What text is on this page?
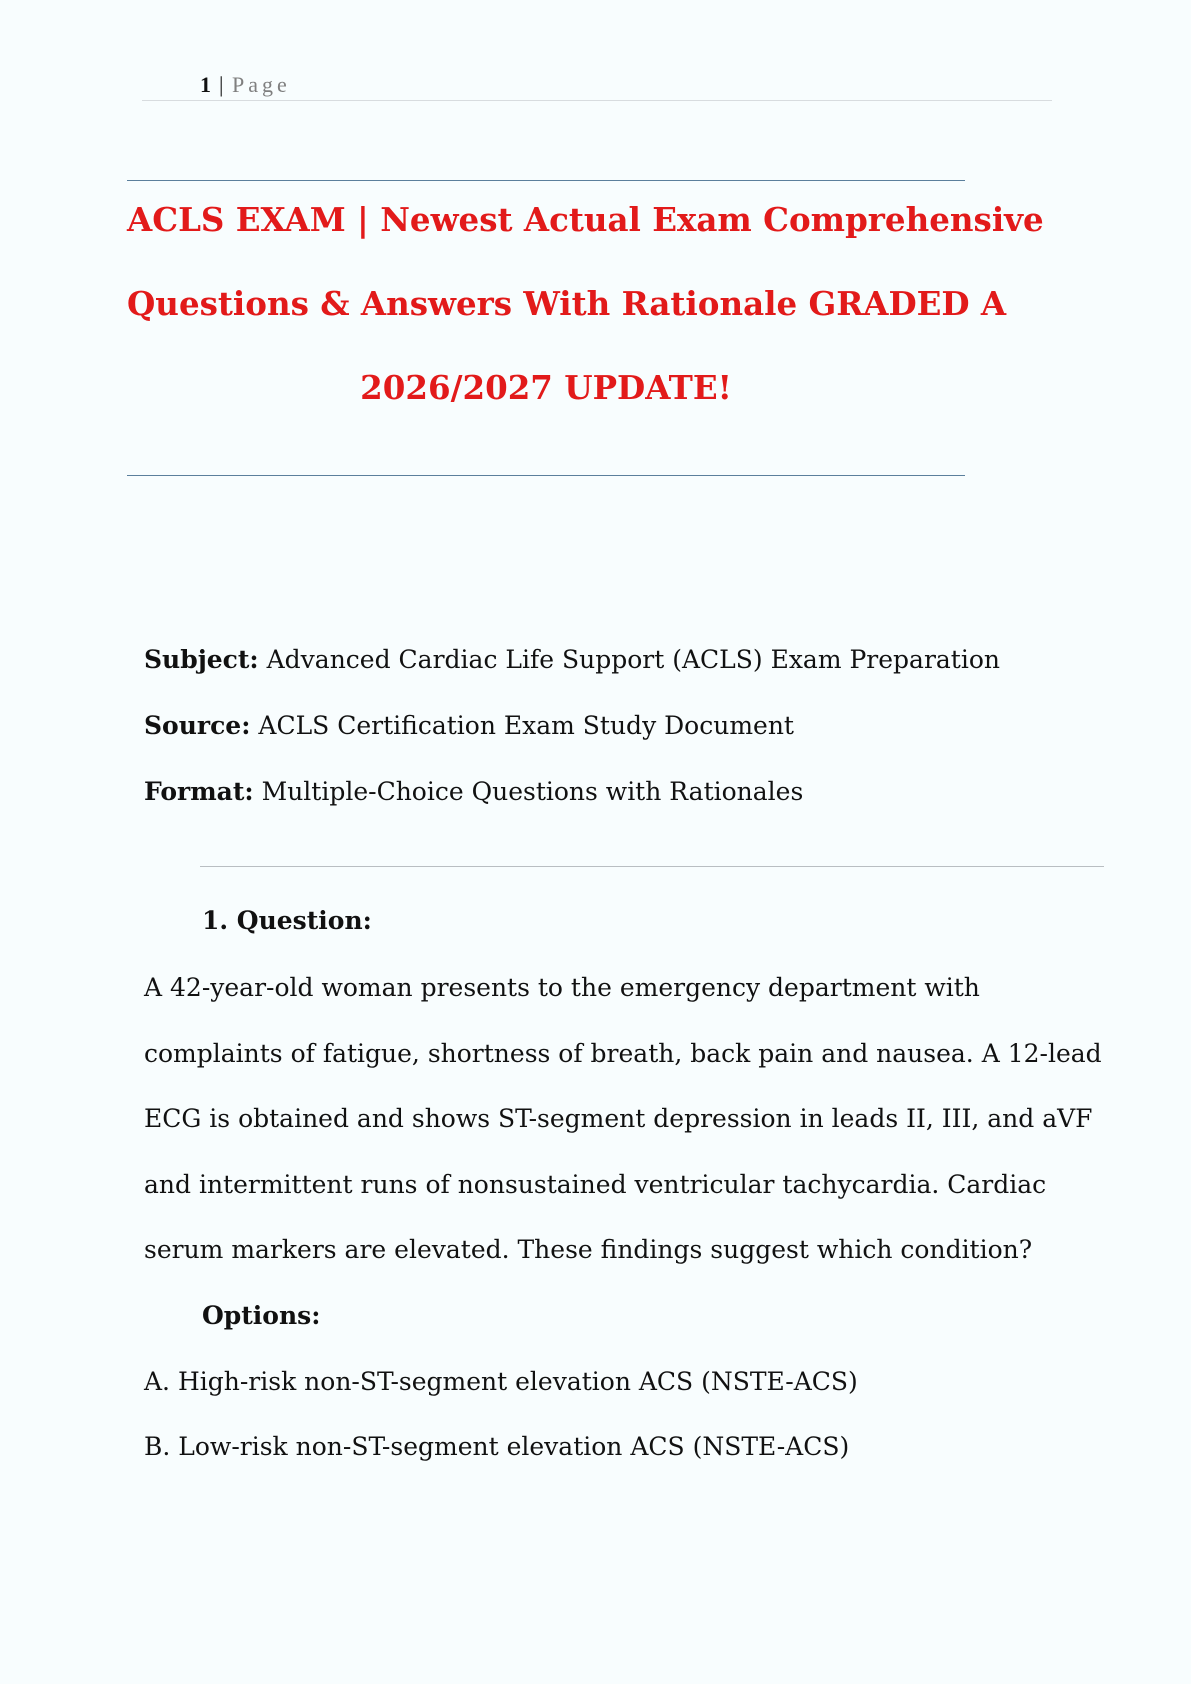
1 | Page
ACLS EXAM | Newest Actual Exam Comprehensive
Questions & Answers With Rationale GRADED A
2026/2027 UPDATE!
Subject: Advanced Cardiac Life Support (ACLS) Exam Preparation
Source: ACLS Certification Exam Study Document
Format: Multiple-Choice Questions with Rationales
1. Question:
A 42-year-old woman presents to the emergency department with
complaints of fatigue, shortness of breath, back pain and nausea. A 12-lead
ECG is obtained and shows ST-segment depression in leads II, III, and aVF
and intermittent runs of nonsustained ventricular tachycardia. Cardiac
serum markers are elevated. These findings suggest which condition?
Options:
A. High-risk non-ST-segment elevation ACS (NSTE-ACS)
B. Low-risk non-ST-segment elevation ACS (NSTE-ACS)
